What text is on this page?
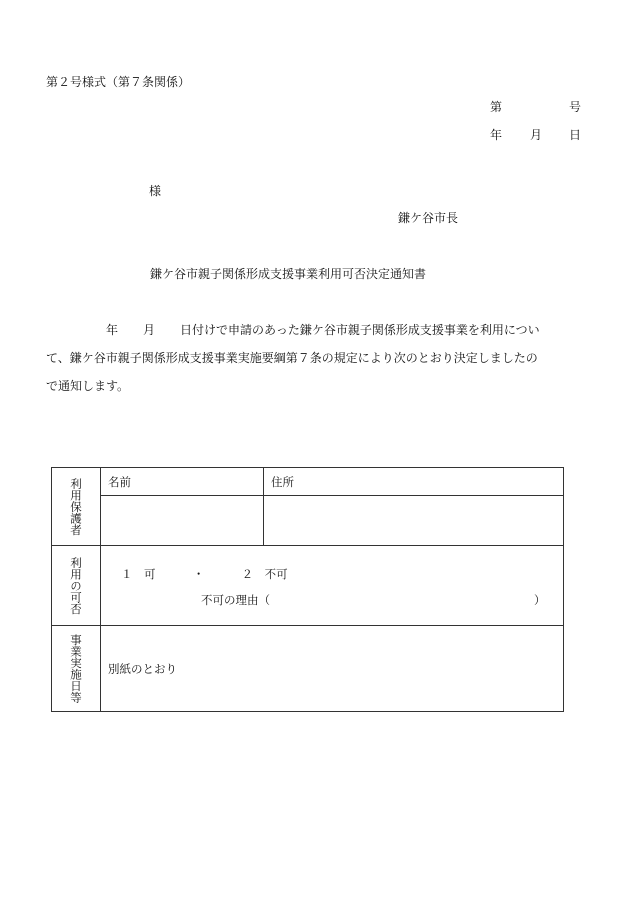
第２号様式（第７条関係）
第	号
年 月 日
様
鎌ケ谷市長
鎌ケ谷市親子関係形成支援事業利用可否決定通知書
年 月 日付けで申請のあった鎌ケ谷市親子関係形成支援事業を利用につい
て、鎌ケ谷市親子関係形成支援事業実施要綱第７条の規定により次のとおり決定しましたの
で通知します。
利用保護者	名前	住所

利用の可否	１　可 ・ ２　不可
不可の理由（ ）	

事業実施日等	別紙のとおり	
